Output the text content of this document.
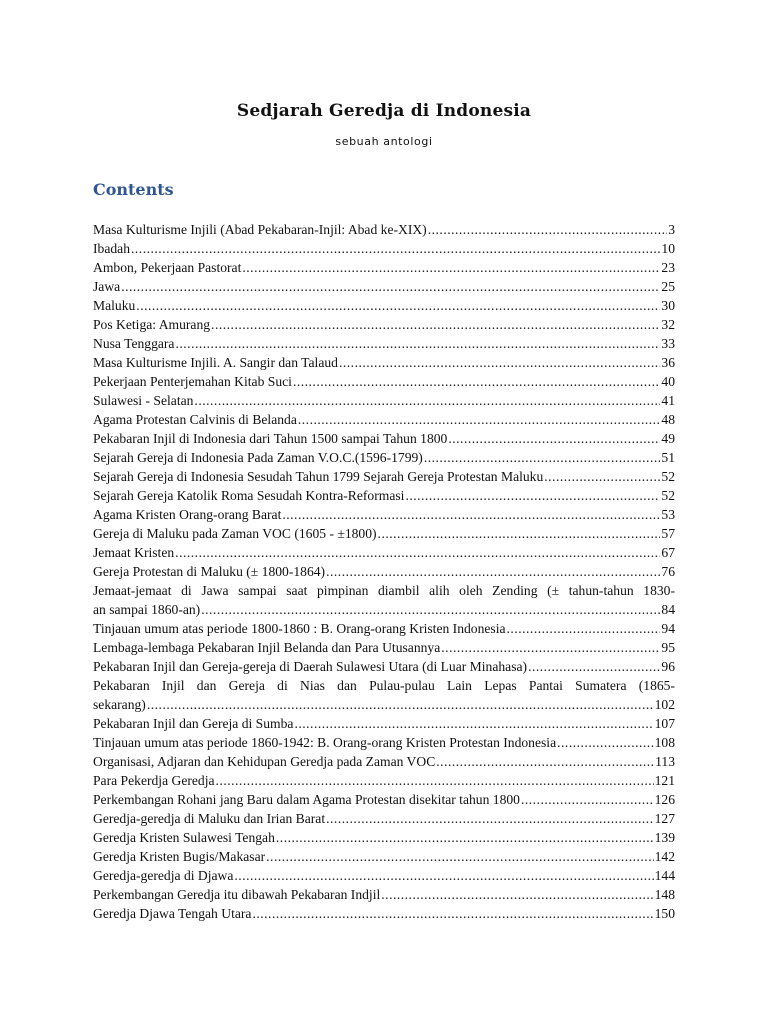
Sedjarah Geredja di Indonesia
sebuah antologi
Contents
Masa Kulturisme Injili (Abad Pekabaran-Injil: Abad ke-XIX) .....	3
Ibadah .....	10
Ambon, Pekerjaan Pastorat .....	23
Jawa .....	25
Maluku .....	30
Pos Ketiga: Amurang .....	32
Nusa Tenggara .....	33
Masa Kulturisme Injili. A. Sangir dan Talaud .....	36
Pekerjaan Penterjemahan Kitab Suci .....	40
Sulawesi - Selatan .....	41
Agama Protestan Calvinis di Belanda .....	48
Pekabaran Injil di Indonesia dari Tahun 1500 sampai Tahun 1800 .....	49
Sejarah Gereja di Indonesia Pada Zaman V.O.C.(1596-1799) .....	51
Sejarah Gereja di Indonesia Sesudah Tahun 1799 Sejarah Gereja Protestan Maluku .....	52
Sejarah Gereja Katolik Roma Sesudah Kontra-Reformasi .....	52
Agama Kristen Orang-orang Barat .....	53
Gereja di Maluku pada Zaman VOC (1605 - ±1800) .....	57
Jemaat Kristen .....	67
Gereja Protestan di Maluku (± 1800-1864) .....	76
Jemaat-jemaat di Jawa sampai saat pimpinan diambil alih oleh Zending (± tahun-tahun 1830-
an sampai 1860-an) .....	84
Tinjauan umum atas periode 1800-1860 : B. Orang-orang Kristen Indonesia .....	94
Lembaga-lembaga Pekabaran Injil Belanda dan Para Utusannya .....	95
Pekabaran Injil dan Gereja-gereja di Daerah Sulawesi Utara (di Luar Minahasa) .....	96
Pekabaran Injil dan Gereja di Nias dan Pulau-pulau Lain Lepas Pantai Sumatera (1865-
sekarang) .....	102
Pekabaran Injil dan Gereja di Sumba .....	107
Tinjauan umum atas periode 1860-1942: B. Orang-orang Kristen Protestan Indonesia .....	108
Organisasi, Adjaran dan Kehidupan Geredja pada Zaman VOC .....	113
Para Pekerdja Geredja .....	121
Perkembangan Rohani jang Baru dalam Agama Protestan disekitar tahun 1800 .....	126
Geredja-geredja di Maluku dan Irian Barat .....	127
Geredja Kristen Sulawesi Tengah .....	139
Geredja Kristen Bugis/Makasar .....	142
Geredja-geredja di Djawa .....	144
Perkembangan Geredja itu dibawah Pekabaran Indjil .....	148
Geredja Djawa Tengah Utara .....	150
